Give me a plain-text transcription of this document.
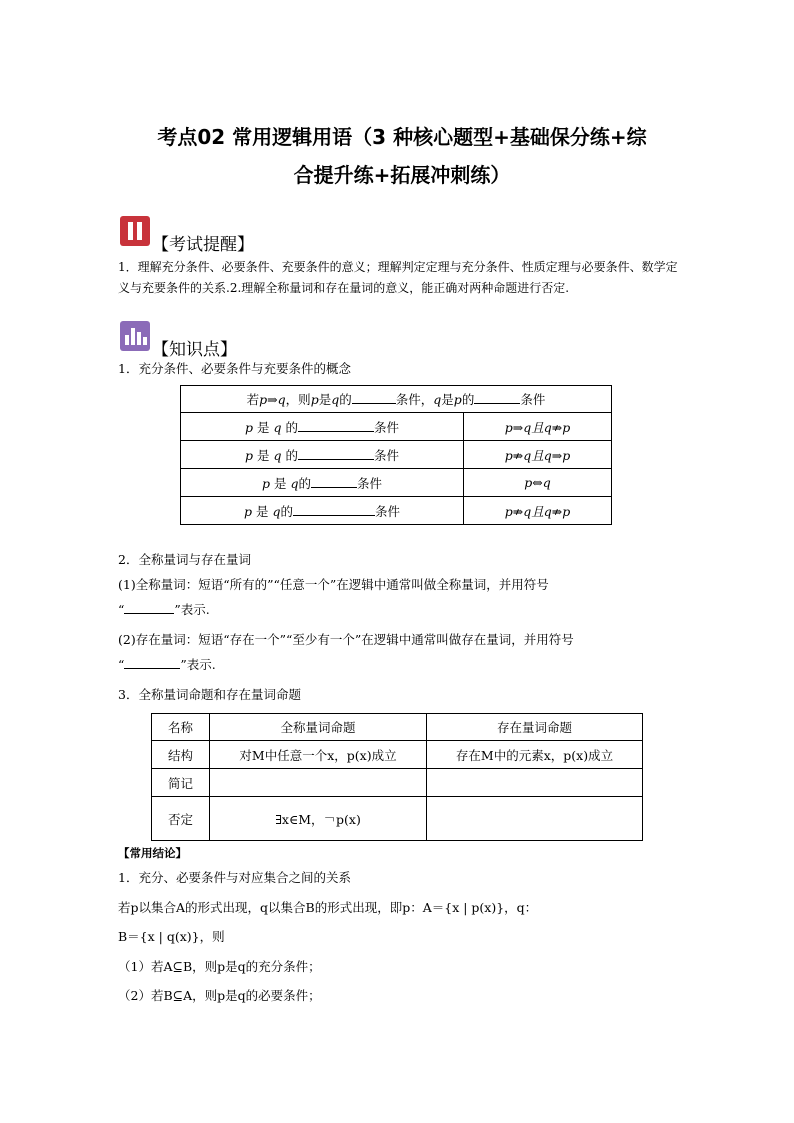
考点02 常用逻辑用语（3 种核心题型+基础保分练+综
合提升练+拓展冲刺练）
【考试提醒】
1．理解充分条件、必要条件、充要条件的意义；理解判定定理与充分条件、性质定理与必要条件、数学定义与充要条件的关系.2.理解全称量词和存在量词的意义，能正确对两种命题进行否定.
【知识点】
1．充分条件、必要条件与充要条件的概念
若p⇒q，则p是q的 条件，q是p的 条件	
p 是 q 的 条件	p⇒q且q⇏p
p 是 q 的 条件	p⇏q且q⇒p
p 是 q的 条件	p⇔q
p 是 q的 条件	p⇏q且q⇏p
2．全称量词与存在量词
(1)全称量词：短语“所有的”“任意一个”在逻辑中通常叫做全称量词，并用符号
“	”表示.
(2)存在量词：短语“存在一个”“至少有一个”在逻辑中通常叫做存在量词，并用符号
“	”表示.
3．全称量词命题和存在量词命题
名称	全称量词命题	存在量词命题
结构	对M中任意一个x，p(x)成立	存在M中的元素x，p(x)成立
简记		
否定	∃x∈M，￢p(x)	
【常用结论】
1．充分、必要条件与对应集合之间的关系
若p以集合A的形式出现，q以集合B的形式出现，即p：A＝{x | p(x)}，q：
B＝{x | q(x)}，则
（1）若A⊆B，则p是q的充分条件；
（2）若B⊆A，则p是q的必要条件；
